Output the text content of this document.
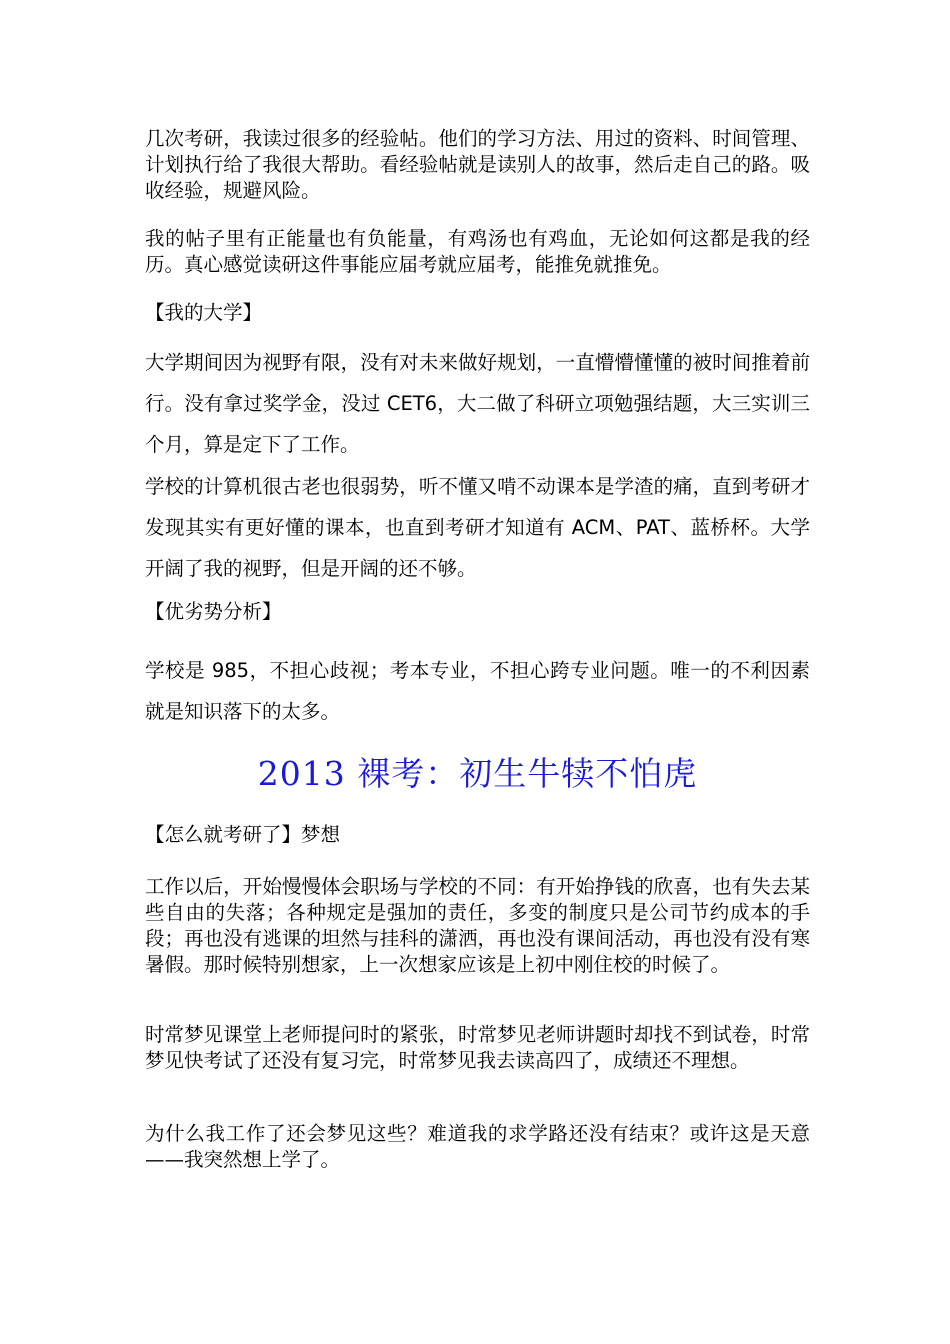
几次考研，我读过很多的经验帖。他们的学习方法、用过的资料、时间管理、计划执行给了我很大帮助。看经验帖就是读别人的故事，然后走自己的路。吸收经验，规避风险。

我的帖子里有正能量也有负能量，有鸡汤也有鸡血，无论如何这都是我的经历。真心感觉读研这件事能应届考就应届考，能推免就推免。

【我的大学】

大学期间因为视野有限，没有对未来做好规划，一直懵懵懂懂的被时间推着前行。没有拿过奖学金，没过 CET6，大二做了科研立项勉强结题，大三实训三个月，算是定下了工作。

学校的计算机很古老也很弱势，听不懂又啃不动课本是学渣的痛，直到考研才发现其实有更好懂的课本，也直到考研才知道有 ACM、PAT、蓝桥杯。大学开阔了我的视野，但是开阔的还不够。

【优劣势分析】

学校是 985，不担心歧视；考本专业，不担心跨专业问题。唯一的不利因素就是知识落下的太多。

2013 裸考：初生牛犊不怕虎

【怎么就考研了】梦想

工作以后，开始慢慢体会职场与学校的不同：有开始挣钱的欣喜，也有失去某些自由的失落；各种规定是强加的责任，多变的制度只是公司节约成本的手段；再也没有逃课的坦然与挂科的潇洒，再也没有课间活动，再也没有没有寒暑假。那时候特别想家，上一次想家应该是上初中刚住校的时候了。

时常梦见课堂上老师提问时的紧张，时常梦见老师讲题时却找不到试卷，时常梦见快考试了还没有复习完，时常梦见我去读高四了，成绩还不理想。

为什么我工作了还会梦见这些？难道我的求学路还没有结束？或许这是天意——我突然想上学了。
